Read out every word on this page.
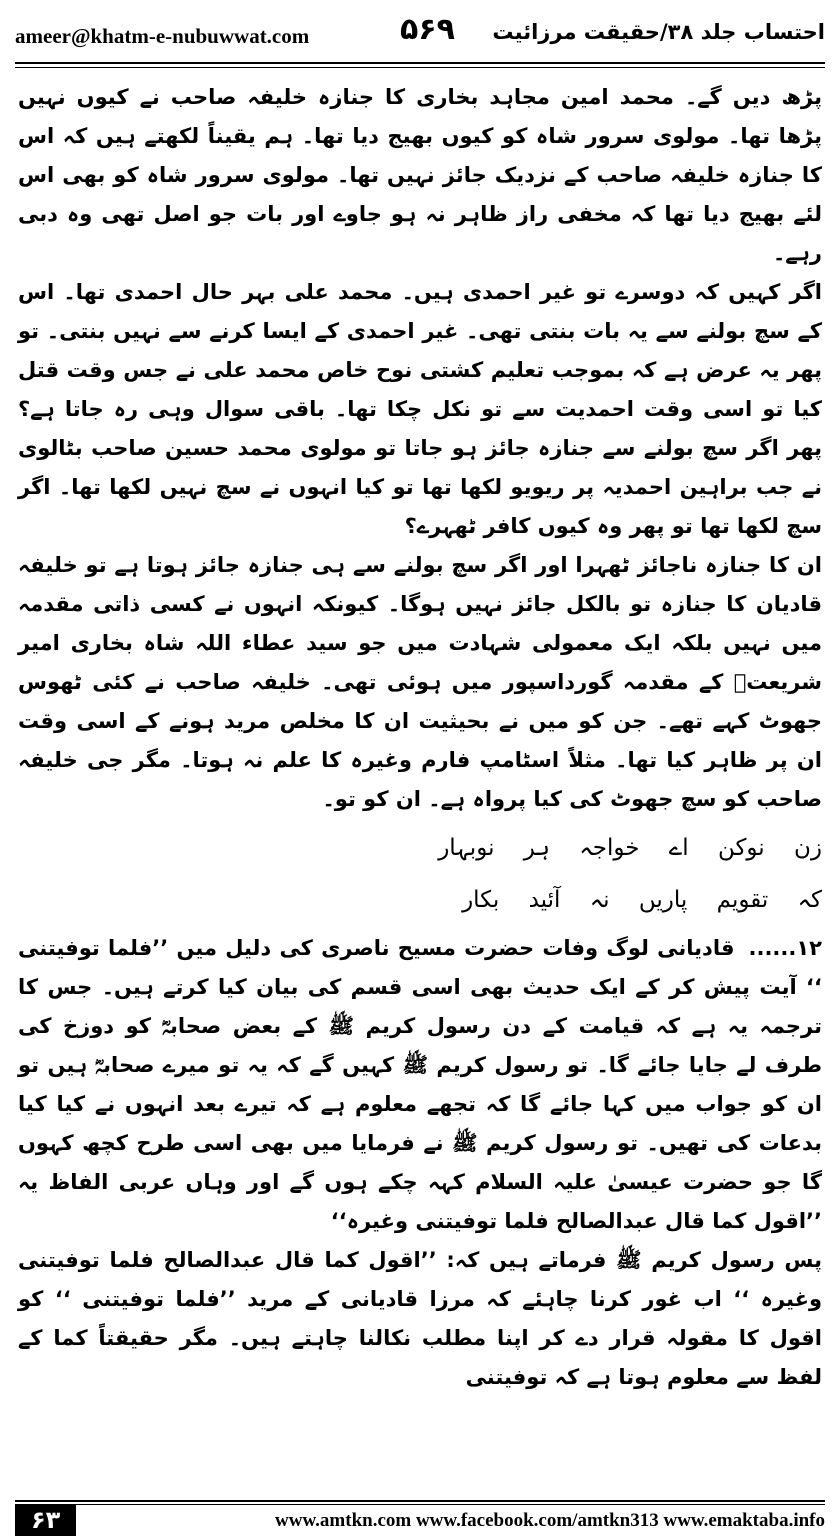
ameer@khatm-e-nubuwwat.com	۵۶۹ احتساب جلد ۳۸/حقیقت مرزائیت

پڑھ دیں گے۔ محمد امین مجاہد بخاری کا جنازہ خلیفہ صاحب نے کیوں نہیں پڑھا تھا۔ مولوی سرور شاہ کو کیوں بھیج دیا تھا۔ ہم یقیناً لکھتے ہیں کہ اس کا جنازہ خلیفہ صاحب کے نزدیک جائز نہیں تھا۔ مولوی سرور شاہ کو بھی اس لئے بھیج دیا تھا کہ مخفی راز ظاہر نہ ہو جاوے اور بات جو اصل تھی وہ دبی رہے۔

اگر کہیں کہ دوسرے تو غیر احمدی ہیں۔ محمد علی بہر حال احمدی تھا۔ اس کے سچ بولنے سے یہ بات بنتی تھی۔ غیر احمدی کے ایسا کرنے سے نہیں بنتی۔ تو پھر یہ عرض ہے کہ بموجب تعلیم کشتی نوح خاص محمد علی نے جس وقت قتل کیا تو اسی وقت احمدیت سے تو نکل چکا تھا۔ باقی سوال وہی رہ جاتا ہے؟ پھر اگر سچ بولنے سے جنازہ جائز ہو جاتا تو مولوی محمد حسین صاحب بٹالوی نے جب براہین احمدیہ پر ریویو لکھا تھا تو کیا انہوں نے سچ نہیں لکھا تھا۔ اگر سچ لکھا تھا تو پھر وہ کیوں کافر ٹھہرے؟

ان کا جنازہ ناجائز ٹھہرا اور اگر سچ بولنے سے ہی جنازہ جائز ہوتا ہے تو خلیفہ قادیان کا جنازہ تو بالکل جائز نہیں ہوگا۔ کیونکہ انہوں نے کسی ذاتی مقدمہ میں نہیں بلکہ ایک معمولی شہادت میں جو سید عطاء اللہ شاہ بخاری امیر شریعتؒ کے مقدمہ گورداسپور میں ہوئی تھی۔ خلیفہ صاحب نے کئی ٹھوس جھوٹ کہے تھے۔ جن کو میں نے بحیثیت ان کا مخلص مرید ہونے کے اسی وقت ان پر ظاہر کیا تھا۔ مثلاً اسٹامپ فارم وغیرہ کا علم نہ ہوتا۔ مگر جی خلیفہ صاحب کو سچ جھوٹ کی کیا پرواہ ہے۔ ان کو تو۔

زن نوکن اے خواجہ ہر نوبہار

کہ تقویم پاریں نہ آئید بکار

۱۲......قادیانی لوگ وفات حضرت مسیح ناصری کی دلیل میں ’’فلما توفیتنی ‘‘ آیت پیش کر کے ایک حدیث بھی اسی قسم کی بیان کیا کرتے ہیں۔ جس کا ترجمہ یہ ہے کہ قیامت کے دن رسول کریم ﷺ کے بعض صحابہؓ کو دوزخ کی طرف لے جایا جائے گا۔ تو رسول کریم ﷺ کہیں گے کہ یہ تو میرے صحابہؓ ہیں تو ان کو جواب میں کہا جائے گا کہ تجھے معلوم ہے کہ تیرے بعد انہوں نے کیا کیا بدعات کی تھیں۔ تو رسول کریم ﷺ نے فرمایا میں بھی اسی طرح کچھ کہوں گا جو حضرت عیسیٰ علیہ السلام کہہ چکے ہوں گے اور وہاں عربی الفاظ یہ ’’اقول کما قال عبدالصالح فلما توفیتنی وغیرہ‘‘

پس رسول کریم ﷺ فرماتے ہیں کہ: ’’اقول کما قال عبدالصالح فلما توفیتنی وغیرہ ‘‘ اب غور کرنا چاہئے کہ مرزا قادیانی کے مرید ’’فلما توفیتنی ‘‘ کو اقول کا مقولہ قرار دے کر اپنا مطلب نکالنا چاہتے ہیں۔ مگر حقیقتاً کما کے لفظ سے معلوم ہوتا ہے کہ توفیتنی

۶۳	www.amtkn.com www.facebook.com/amtkn313 www.emaktaba.info
